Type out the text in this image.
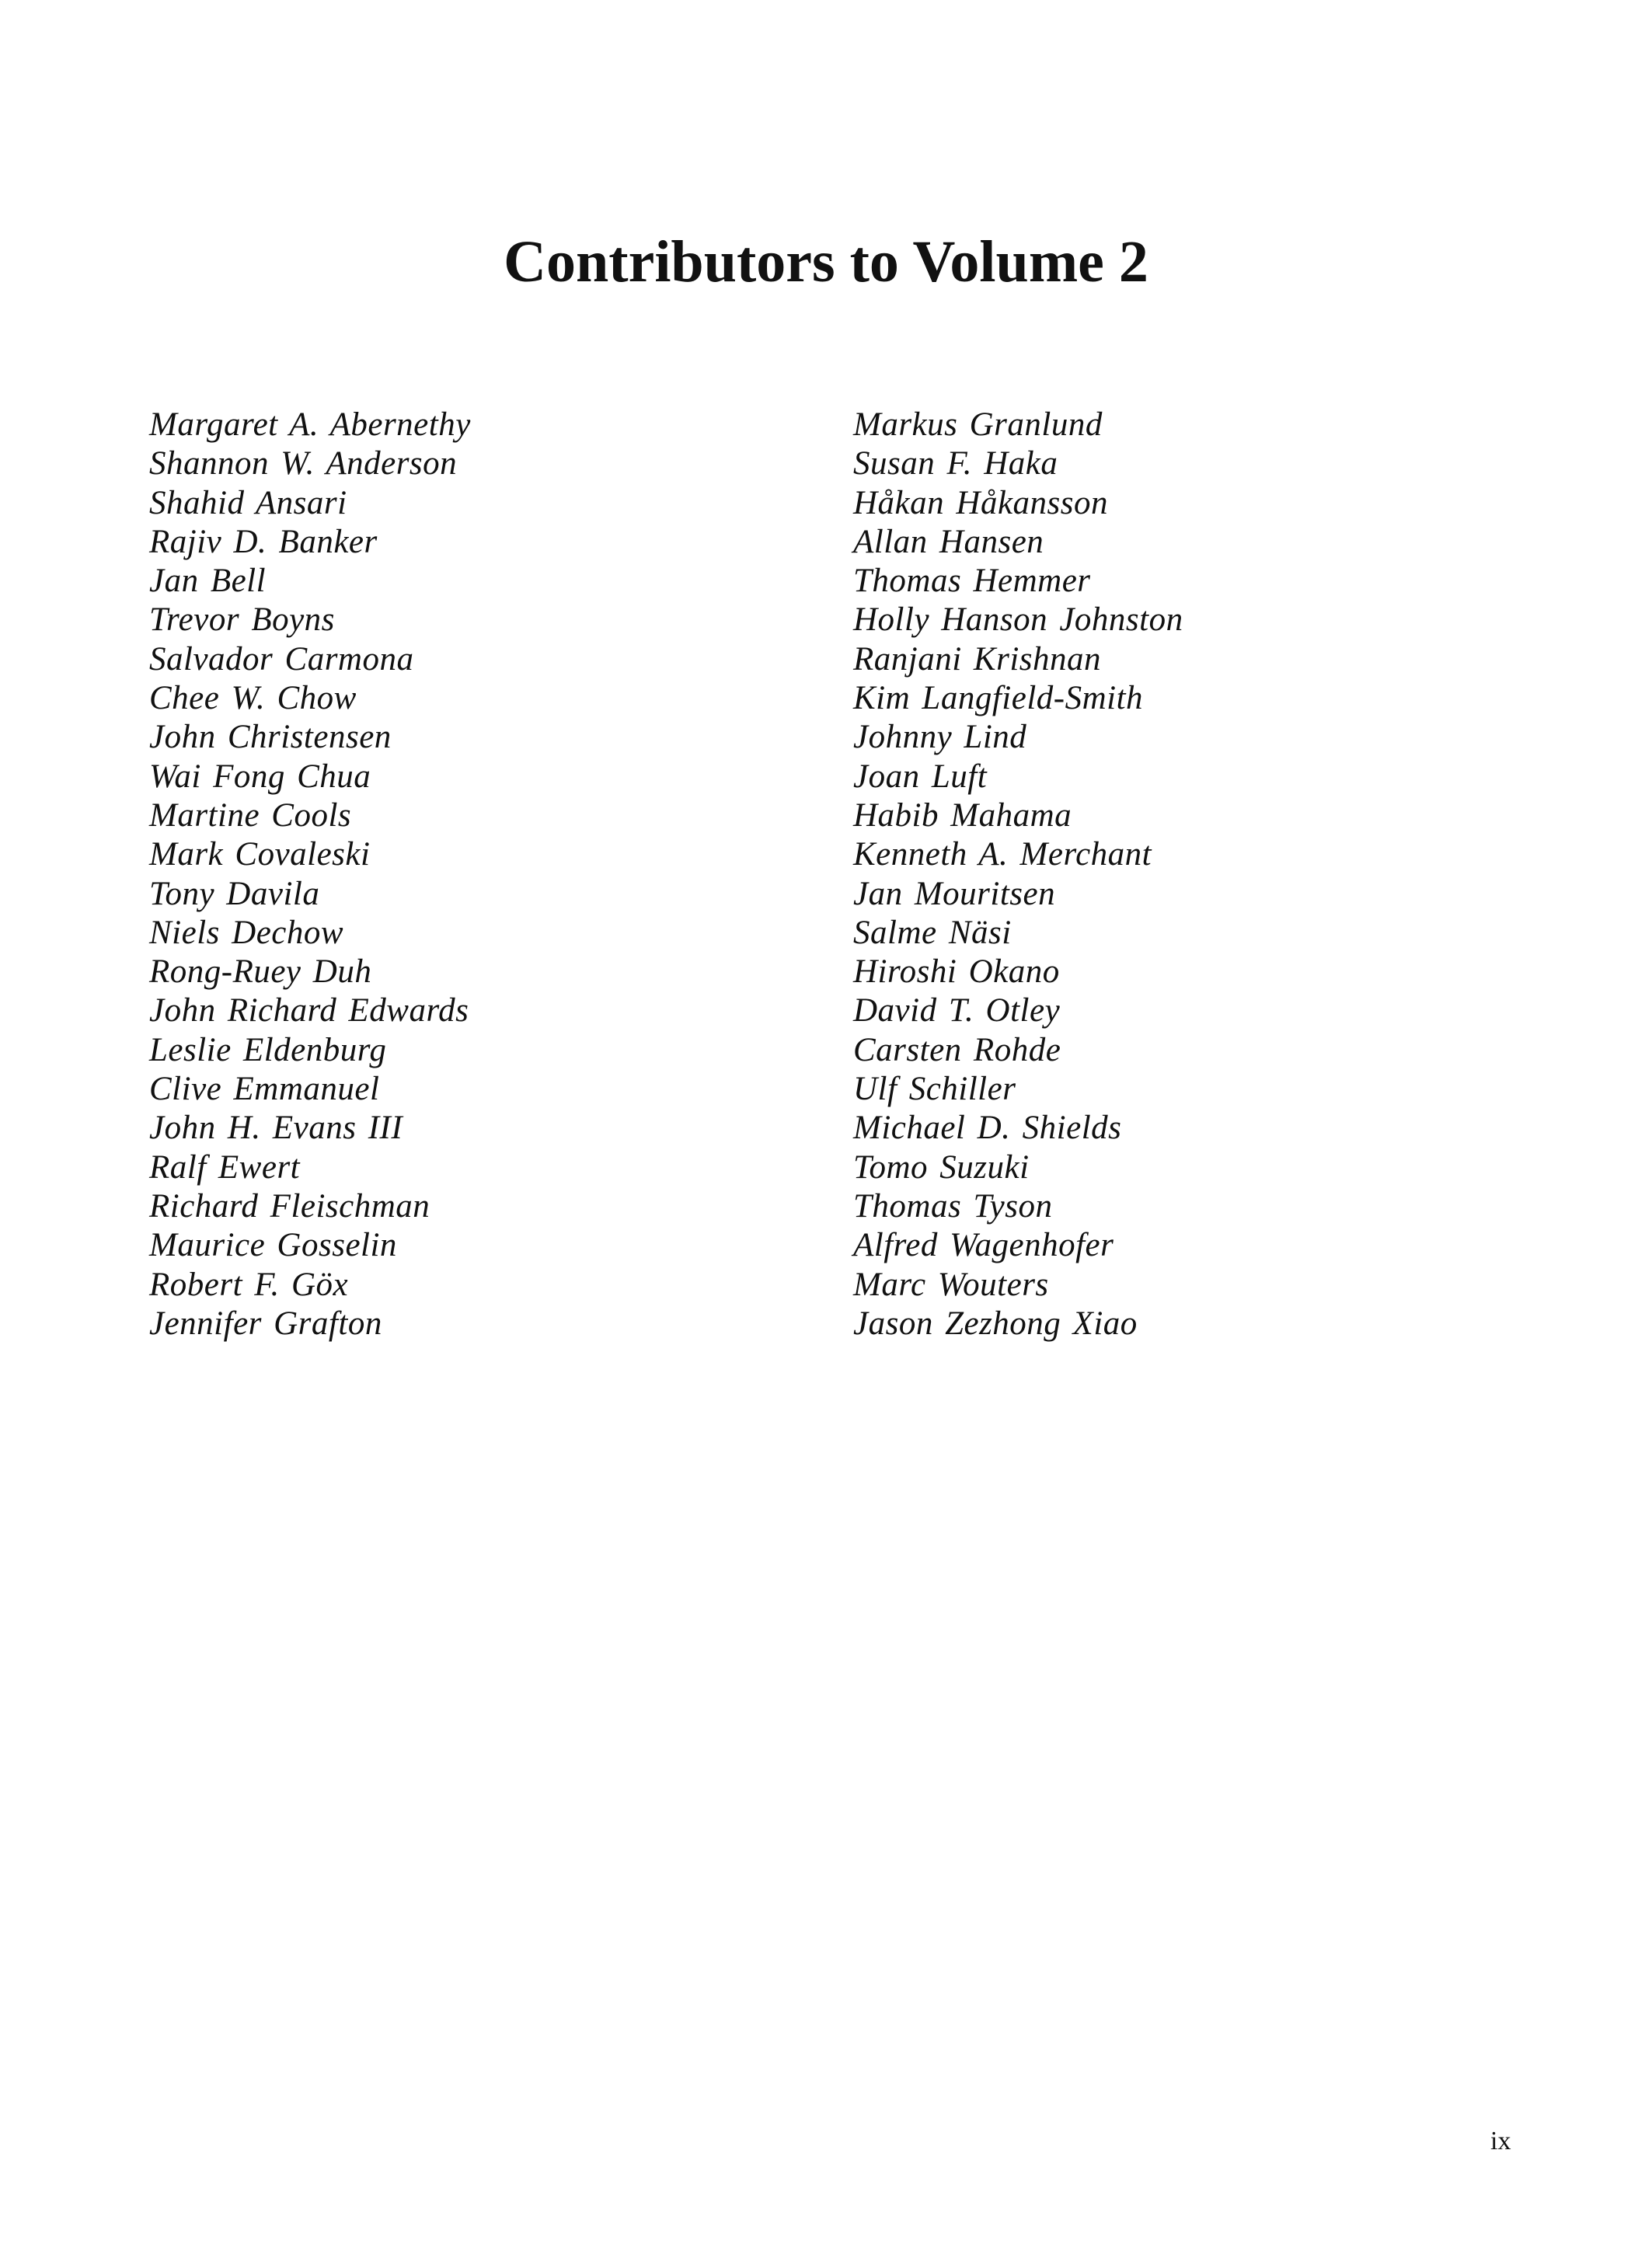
Contributors to Volume 2
Margaret A. Abernethy
Shannon W. Anderson
Shahid Ansari
Rajiv D. Banker
Jan Bell
Trevor Boyns
Salvador Carmona
Chee W. Chow
John Christensen
Wai Fong Chua
Martine Cools
Mark Covaleski
Tony Davila
Niels Dechow
Rong-Ruey Duh
John Richard Edwards
Leslie Eldenburg
Clive Emmanuel
John H. Evans III
Ralf Ewert
Richard Fleischman
Maurice Gosselin
Robert F. Göx
Jennifer Grafton
Markus Granlund
Susan F. Haka
Håkan Håkansson
Allan Hansen
Thomas Hemmer
Holly Hanson Johnston
Ranjani Krishnan
Kim Langfield-Smith
Johnny Lind
Joan Luft
Habib Mahama
Kenneth A. Merchant
Jan Mouritsen
Salme Näsi
Hiroshi Okano
David T. Otley
Carsten Rohde
Ulf Schiller
Michael D. Shields
Tomo Suzuki
Thomas Tyson
Alfred Wagenhofer
Marc Wouters
Jason Zezhong Xiao
ix
